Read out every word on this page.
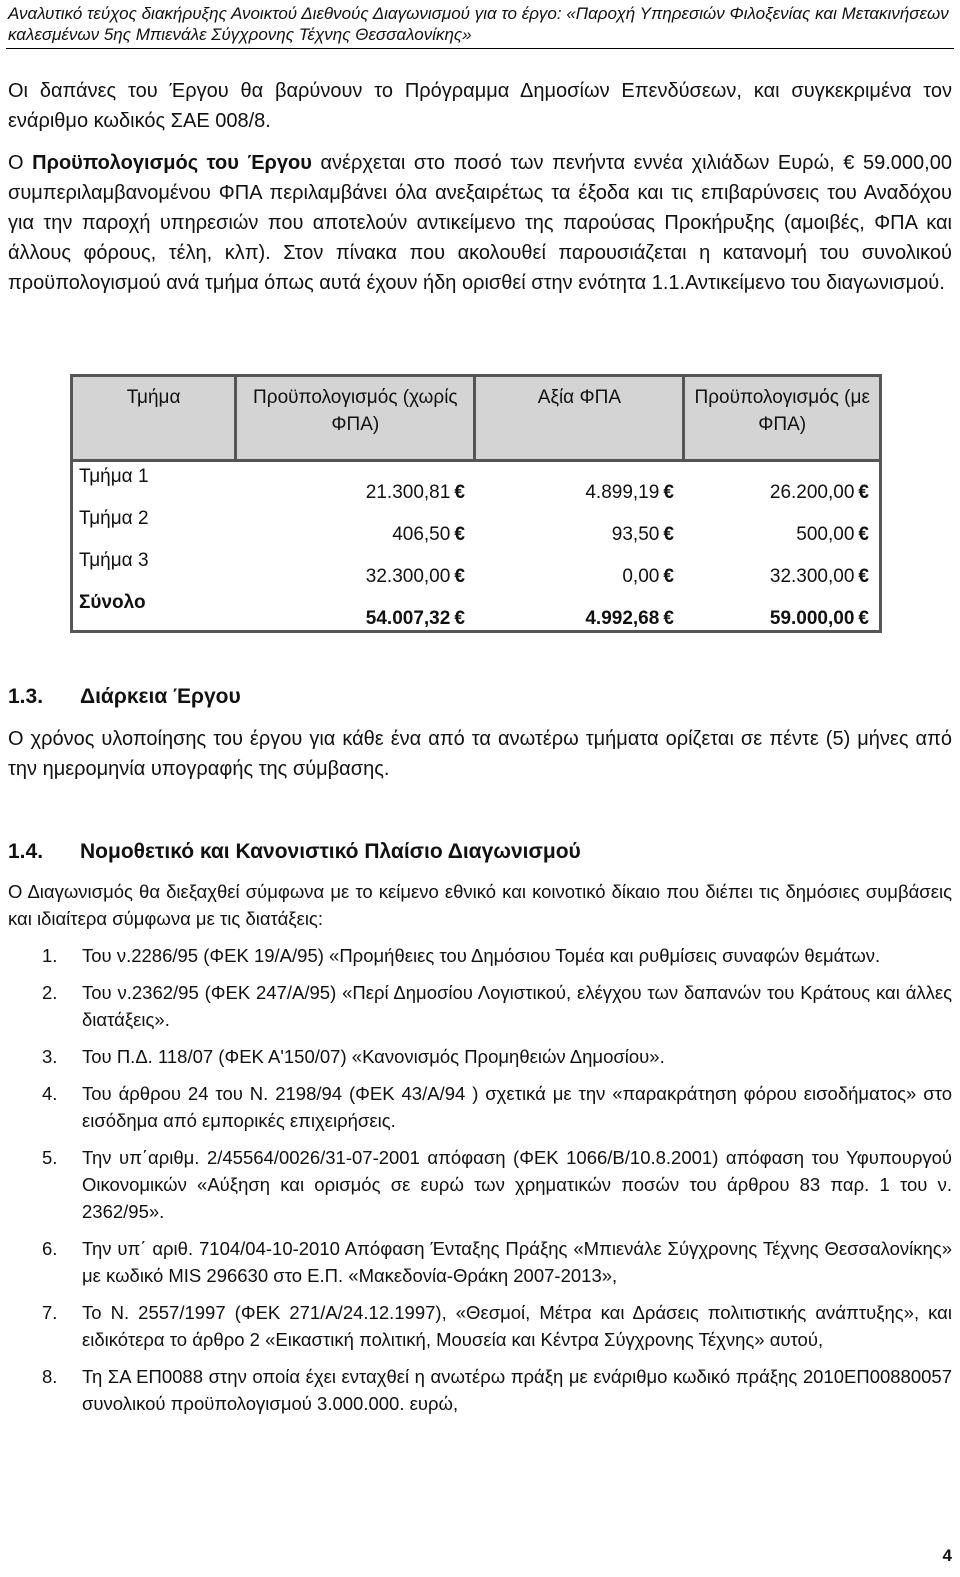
Αναλυτικό τεύχος διακήρυξης Ανοικτού Διεθνούς Διαγωνισμού για το έργο: «Παροχή Υπηρεσιών Φιλοξενίας και Μετακινήσεων
καλεσμένων 5ης Μπιενάλε Σύγχρονης Τέχνης Θεσσαλονίκης»
Οι δαπάνες του Έργου θα βαρύνουν το Πρόγραμμα Δημοσίων Επενδύσεων, και συγκεκριμένα τον ενάριθμο κωδικός ΣΑΕ 008/8.
Ο Προϋπολογισμός του Έργου ανέρχεται στο ποσό των πενήντα εννέα χιλιάδων Ευρώ, € 59.000,00 συμπεριλαμβανομένου ΦΠΑ περιλαμβάνει όλα ανεξαιρέτως τα έξοδα και τις επιβαρύνσεις του Αναδόχου για την παροχή υπηρεσιών που αποτελούν αντικείμενο της παρούσας Προκήρυξης (αμοιβές, ΦΠΑ και άλλους φόρους, τέλη, κλπ). Στον πίνακα που ακολουθεί παρουσιάζεται η κατανομή του συνολικού προϋπολογισμού ανά τμήμα όπως αυτά έχουν ήδη ορισθεί στην ενότητα 1.1.Αντικείμενο του διαγωνισμού.
Τμήμα	Προϋπολογισμός (χωρίς ΦΠΑ)	Αξία ΦΠΑ	Προϋπολογισμός (με ΦΠΑ)
Τμήμα 1	21.300,81 €	4.899,19 €	26.200,00 €
Τμήμα 2	406,50 €	93,50 €	500,00 €
Τμήμα 3	32.300,00 €	0,00 €	32.300,00 €
Σύνολο	54.007,32 €	4.992,68 €	59.000,00 €
1.3. Διάρκεια Έργου
Ο χρόνος υλοποίησης του έργου για κάθε ένα από τα ανωτέρω τμήματα ορίζεται σε πέντε (5) μήνες από την ημερομηνία υπογραφής της σύμβασης.
1.4. Νομοθετικό και Κανονιστικό Πλαίσιο Διαγωνισμού
Ο Διαγωνισμός θα διεξαχθεί σύμφωνα με το κείμενο εθνικό και κοινοτικό δίκαιο που διέπει τις δημόσιες συμβάσεις και ιδιαίτερα σύμφωνα με τις διατάξεις:
1. Του ν.2286/95 (ΦΕΚ 19/Α/95) «Προμήθειες του Δημόσιου Τομέα και ρυθμίσεις συναφών θεμάτων.
2. Του ν.2362/95 (ΦΕΚ 247/Α/95) «Περί Δημοσίου Λογιστικού, ελέγχου των δαπανών του Κράτους και άλλες διατάξεις».
3. Του Π.Δ. 118/07 (ΦΕΚ Α'150/07) «Κανονισμός Προμηθειών Δημοσίου».
4. Του άρθρου 24 του Ν. 2198/94 (ΦΕΚ 43/Α/94 ) σχετικά με την «παρακράτηση φόρου εισοδήματος» στο εισόδημα από εμπορικές επιχειρήσεις.
5. Την υπ΄αριθμ. 2/45564/0026/31-07-2001 απόφαση (ΦΕΚ 1066/Β/10.8.2001) απόφαση του Υφυπουργού Οικονομικών «Αύξηση και ορισμός σε ευρώ των χρηματικών ποσών του άρθρου 83 παρ. 1 του ν. 2362/95».
6. Την υπ΄ αριθ. 7104/04-10-2010 Απόφαση Ένταξης Πράξης «Μπιενάλε Σύγχρονης Τέχνης Θεσσαλονίκης» με κωδικό MIS 296630 στο Ε.Π. «Μακεδονία-Θράκη 2007-2013»,
7. Το Ν. 2557/1997 (ΦΕΚ 271/Α/24.12.1997), «Θεσμοί, Μέτρα και Δράσεις πολιτιστικής ανάπτυξης», και ειδικότερα το άρθρο 2 «Εικαστική πολιτική, Μουσεία και Κέντρα Σύγχρονης Τέχνης» αυτού,
8. Τη ΣΑ ΕΠ0088 στην οποία έχει ενταχθεί η ανωτέρω πράξη με ενάριθμο κωδικό πράξης 2010ΕΠ00880057 συνολικού προϋπολογισμού 3.000.000. ευρώ,
4
